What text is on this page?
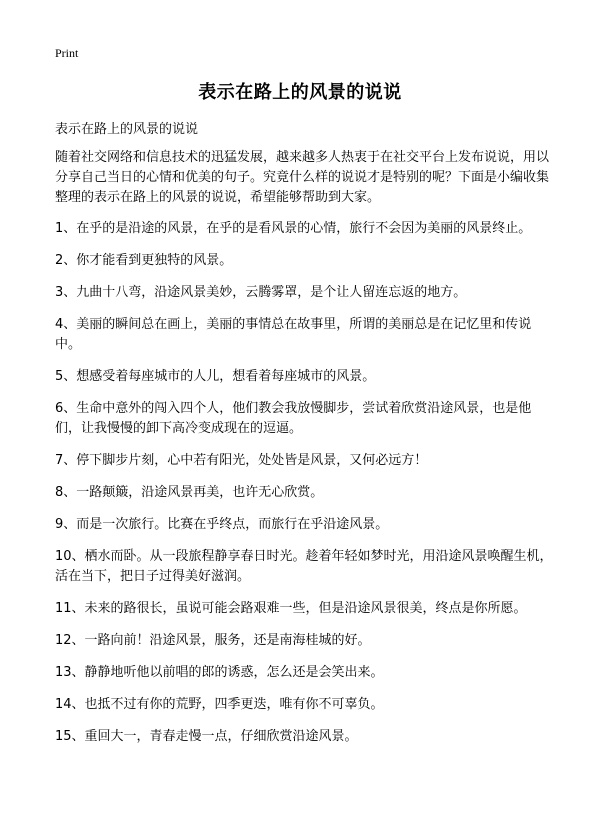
Print
表示在路上的风景的说说

表示在路上的风景的说说

随着社交网络和信息技术的迅猛发展，越来越多人热衷于在社交平台上发布说说，用以分享自己当日的心情和优美的句子。究竟什么样的说说才是特别的呢？下面是小编收集整理的表示在路上的风景的说说，希望能够帮助到大家。

1、在乎的是沿途的风景，在乎的是看风景的心情，旅行不会因为美丽的风景终止。

2、你才能看到更独特的风景。

3、九曲十八弯，沿途风景美妙，云腾雾罩，是个让人留连忘返的地方。

4、美丽的瞬间总在画上，美丽的事情总在故事里，所谓的美丽总是在记忆里和传说中。

5、想感受着每座城市的人儿，想看着每座城市的风景。

6、生命中意外的闯入四个人，他们教会我放慢脚步，尝试着欣赏沿途风景，也是他们，让我慢慢的卸下高冷变成现在的逗逼。

7、停下脚步片刻，心中若有阳光，处处皆是风景，又何必远方！

8、一路颠簸，沿途风景再美，也许无心欣赏。

9、而是一次旅行。比赛在乎终点，而旅行在乎沿途风景。

10、栖水而卧。从一段旅程静享春日时光。趁着年轻如梦时光，用沿途风景唤醒生机，活在当下，把日子过得美好滋润。

11、未来的路很长，虽说可能会路艰难一些，但是沿途风景很美，终点是你所愿。

12、一路向前！沿途风景，服务，还是南海桂城的好。

13、静静地听他以前唱的郎的诱惑，怎么还是会笑出来。

14、也抵不过有你的荒野，四季更迭，唯有你不可辜负。

15、重回大一，青春走慢一点，仔细欣赏沿途风景。
